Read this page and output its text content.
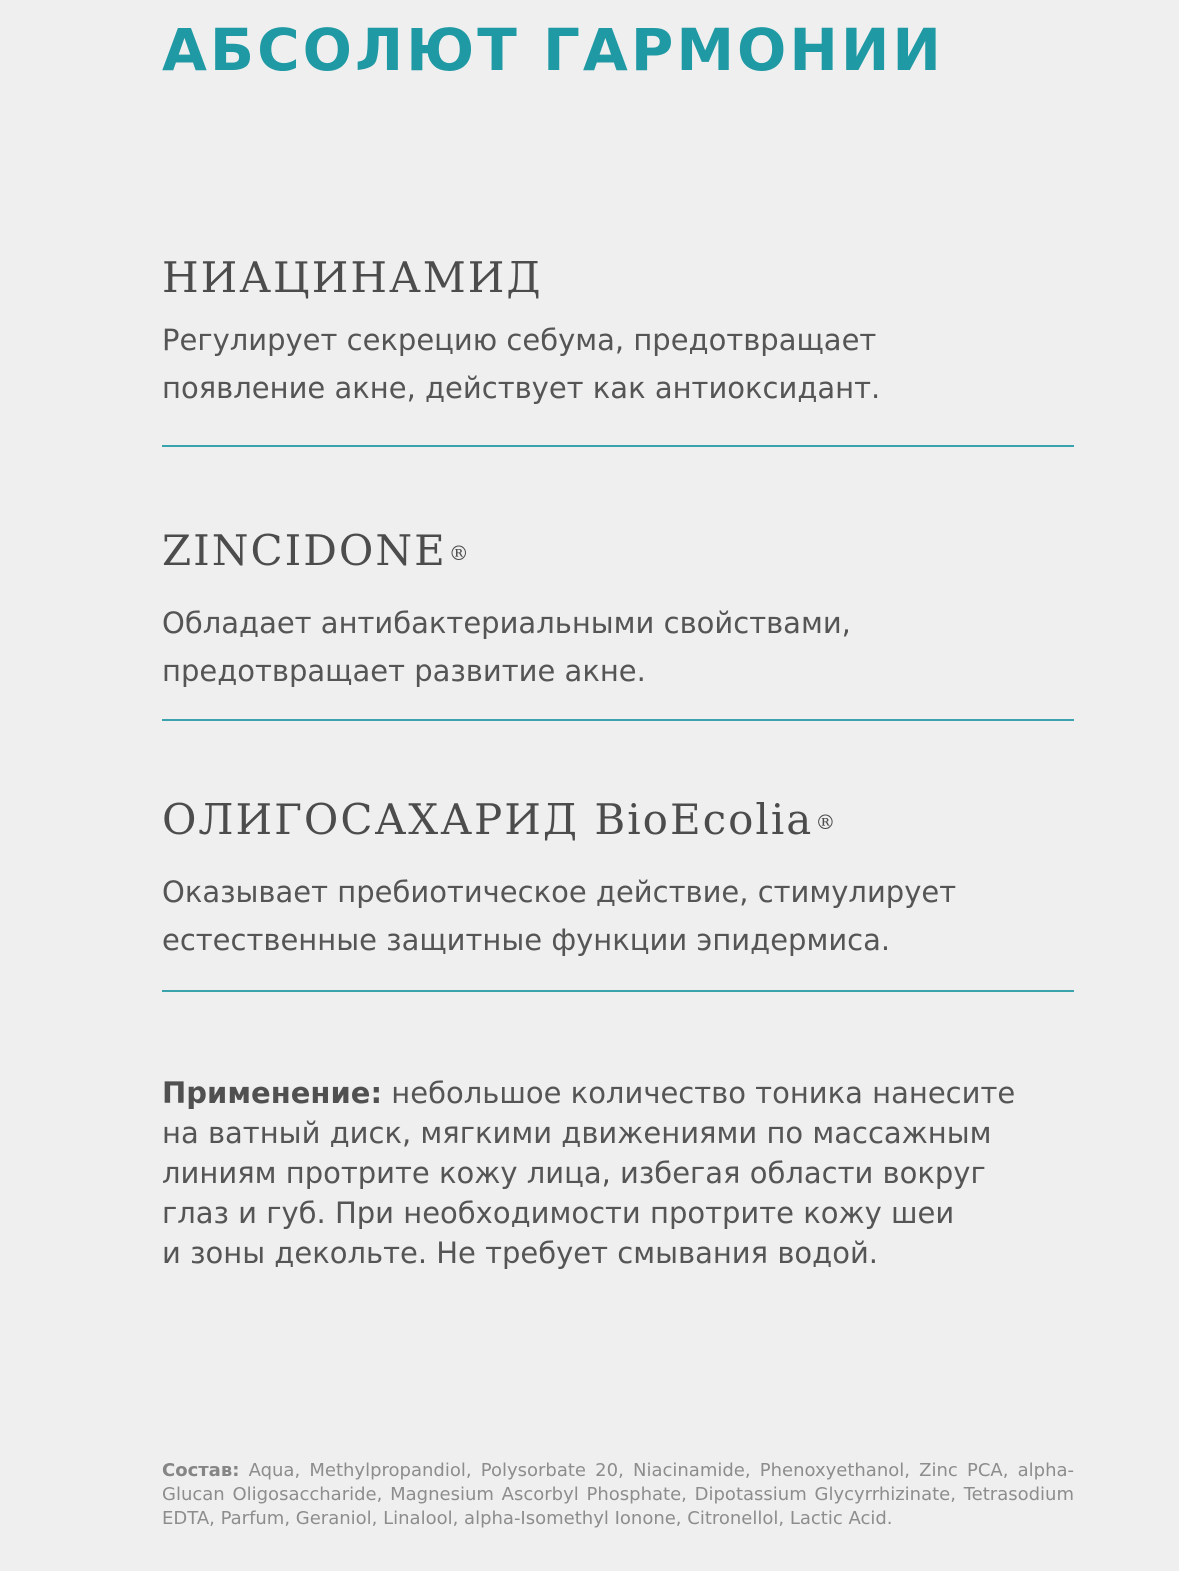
АБСОЛЮТ ГАРМОНИИ
НИАЦИНАМИД

Регулирует секрецию себума, предотвращает
появление акне, действует как антиоксидант.

ZINCIDONE ®

Обладает антибактериальными свойствами,
предотвращает развитие акне.

ОЛИГОСАХАРИД BioEcolia ®

Оказывает пребиотическое действие, стимулирует
естественные защитные функции эпидермиса.

Применение: небольшое количество тоника нанесите
на ватный диск, мягкими движениями по массажным
линиям протрите кожу лица, избегая области вокруг
глаз и губ. При необходимости протрите кожу шеи
и зоны декольте. Не требует смывания водой.

Состав: Aqua, Methylpropandiol, Polysorbate 20, Niacinamide, Phenoxyethanol, Zinc PCA, alpha-Glucan Oligosaccharide, Magnesium Ascorbyl Phosphate, Dipotassium Glycyrrhizinate, Tetrasodium EDTA, Parfum, Geraniol, Linalool, alpha-Isomethyl Ionone, Citronellol, Lactic Acid.
